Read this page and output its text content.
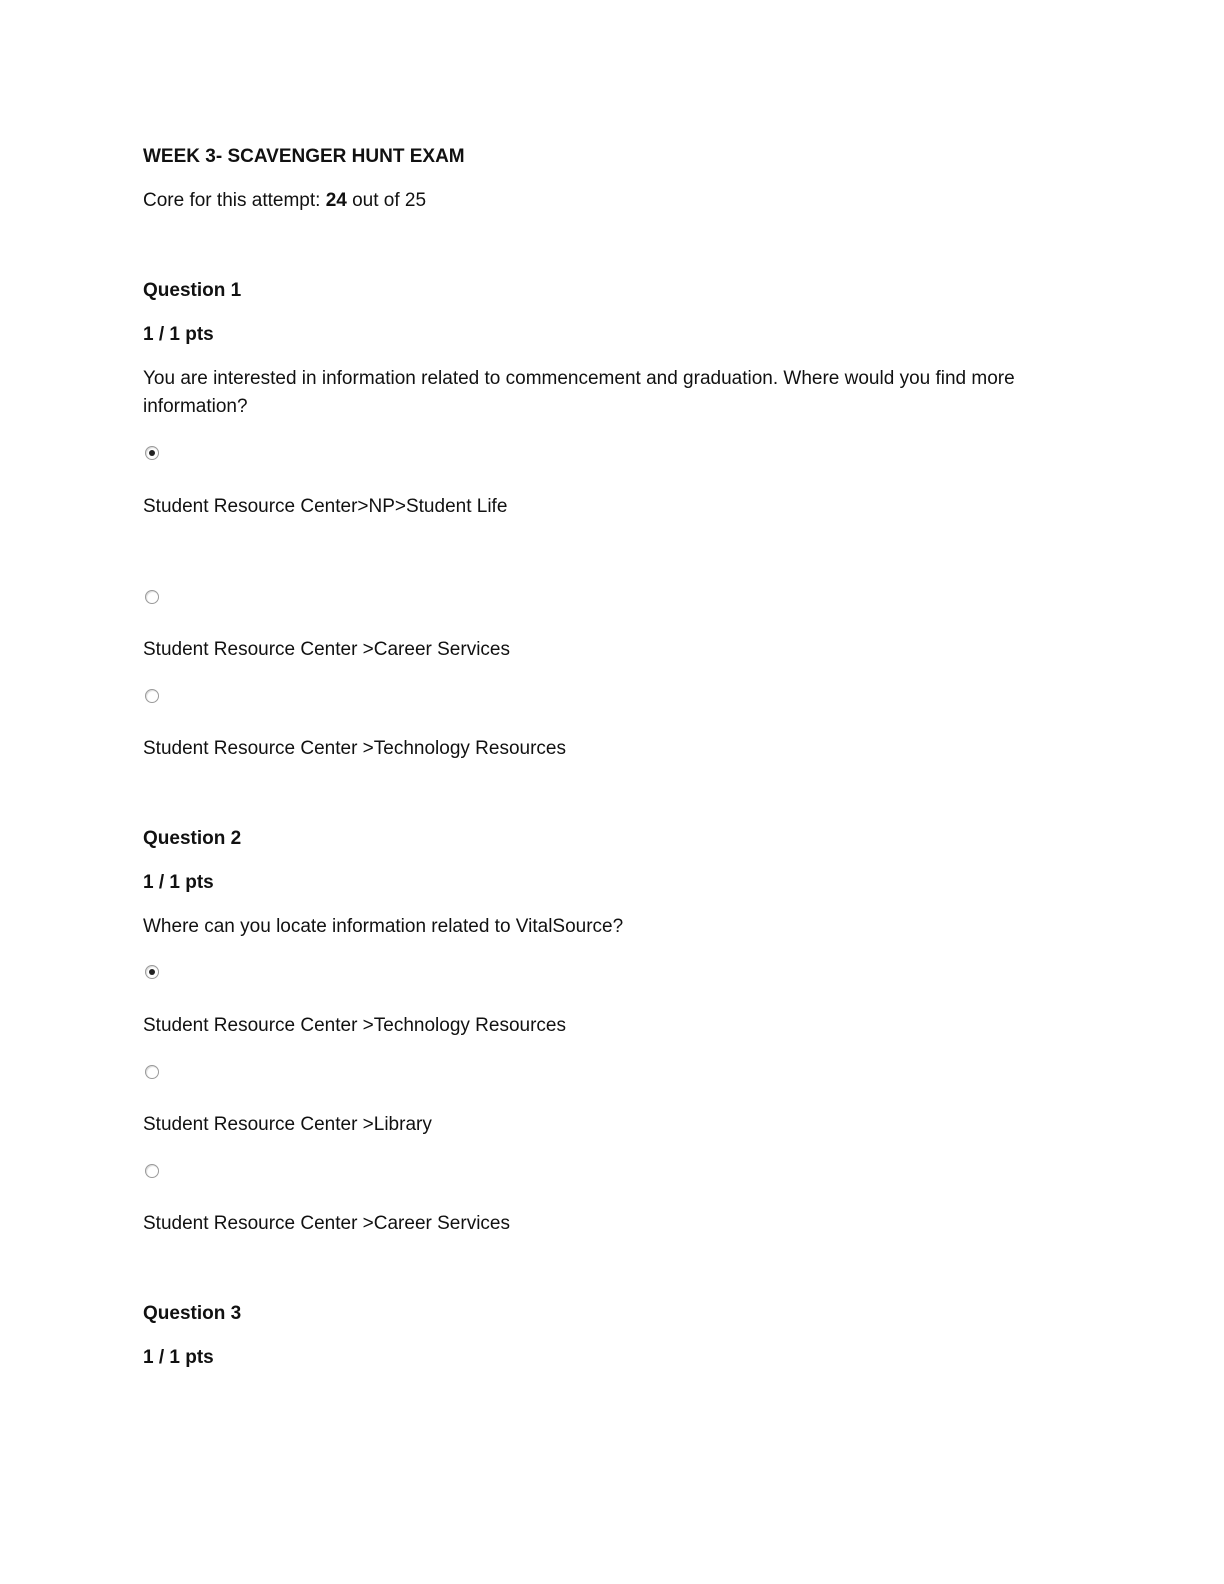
WEEK 3- SCAVENGER HUNT EXAM
Core for this attempt: 24 out of 25
Question 1
1 / 1 pts
You are interested in information related to commencement and graduation. Where would you find more information?
Student Resource Center>NP>Student Life
Student Resource Center >Career Services
Student Resource Center >Technology Resources
Question 2
1 / 1 pts
Where can you locate information related to VitalSource?
Student Resource Center >Technology Resources
Student Resource Center >Library
Student Resource Center >Career Services
Question 3
1 / 1 pts
